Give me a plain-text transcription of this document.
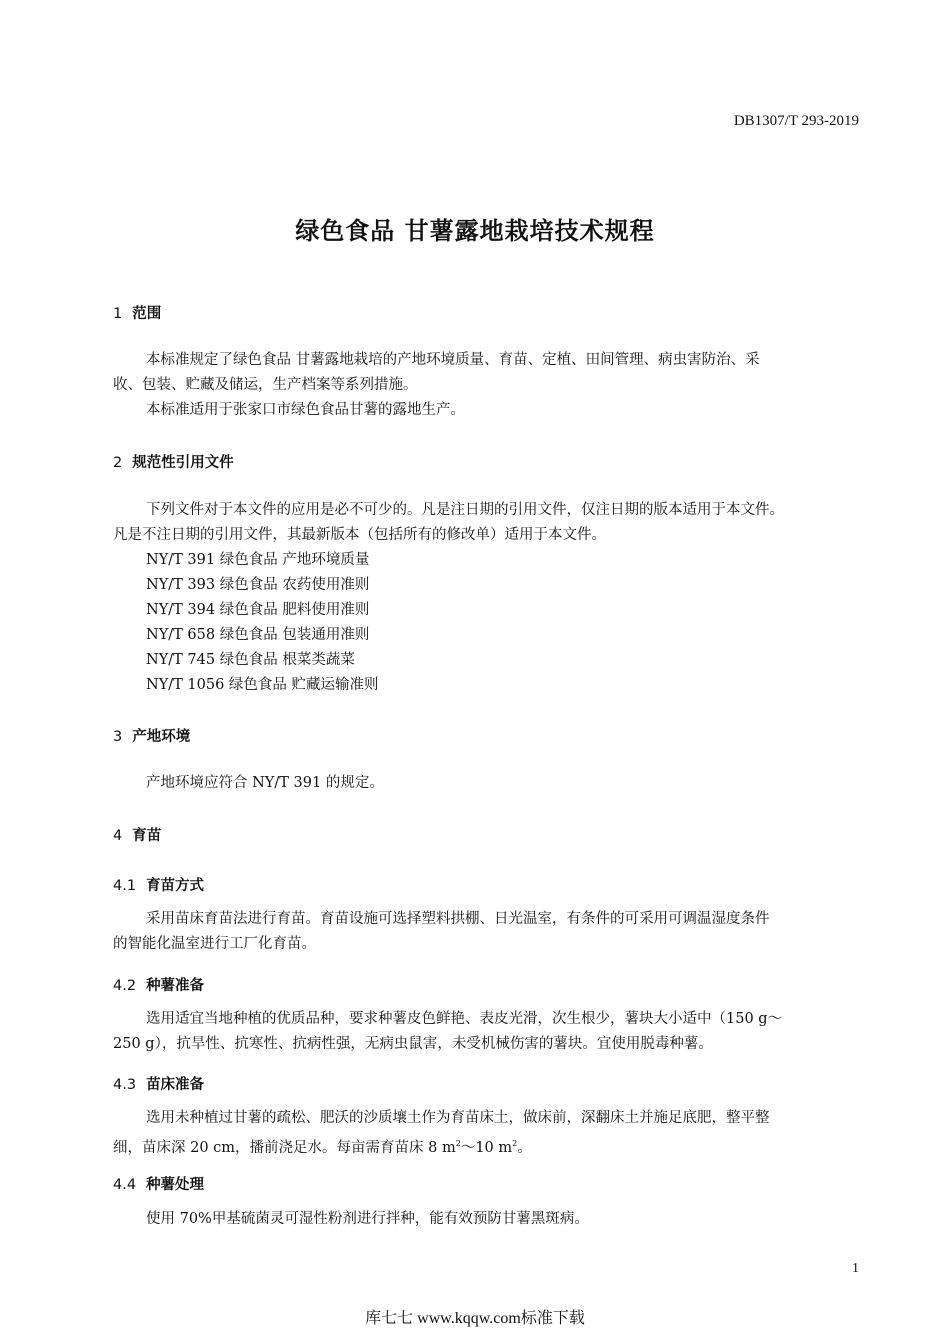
DB1307/T 293-2019
绿色食品 甘薯露地栽培技术规程
1 范围
本标准规定了绿色食品 甘薯露地栽培的产地环境质量、育苗、定植、田间管理、病虫害防治、采
收、包装、贮藏及储运，生产档案等系列措施。
本标准适用于张家口市绿色食品甘薯的露地生产。
2 规范性引用文件
下列文件对于本文件的应用是必不可少的。凡是注日期的引用文件，仅注日期的版本适用于本文件。
凡是不注日期的引用文件，其最新版本（包括所有的修改单）适用于本文件。
NY/T 391 绿色食品 产地环境质量
NY/T 393 绿色食品 农药使用准则
NY/T 394 绿色食品 肥料使用准则
NY/T 658 绿色食品 包装通用准则
NY/T 745 绿色食品 根菜类蔬菜
NY/T 1056 绿色食品 贮藏运输准则
3 产地环境
产地环境应符合 NY/T 391 的规定。
4 育苗
4.1 育苗方式
采用苗床育苗法进行育苗。育苗设施可选择塑料拱棚、日光温室，有条件的可采用可调温湿度条件
的智能化温室进行工厂化育苗。
4.2 种薯准备
选用适宜当地种植的优质品种，要求种薯皮色鲜艳、表皮光滑，次生根少，薯块大小适中（150 g～
250 g），抗旱性、抗寒性、抗病性强，无病虫鼠害，未受机械伤害的薯块。宜使用脱毒种薯。
4.3 苗床准备
选用未种植过甘薯的疏松、肥沃的沙质壤土作为育苗床土，做床前，深翻床土并施足底肥，整平整
细，苗床深 20 cm，播前浇足水。每亩需育苗床 8 $m^2\sim 10$ $m^2$。
4.4 种薯处理
使用 70%甲基硫菌灵可湿性粉剂进行拌种，能有效预防甘薯黑斑病。
1
库七七 www.kqqw.com标准下载
